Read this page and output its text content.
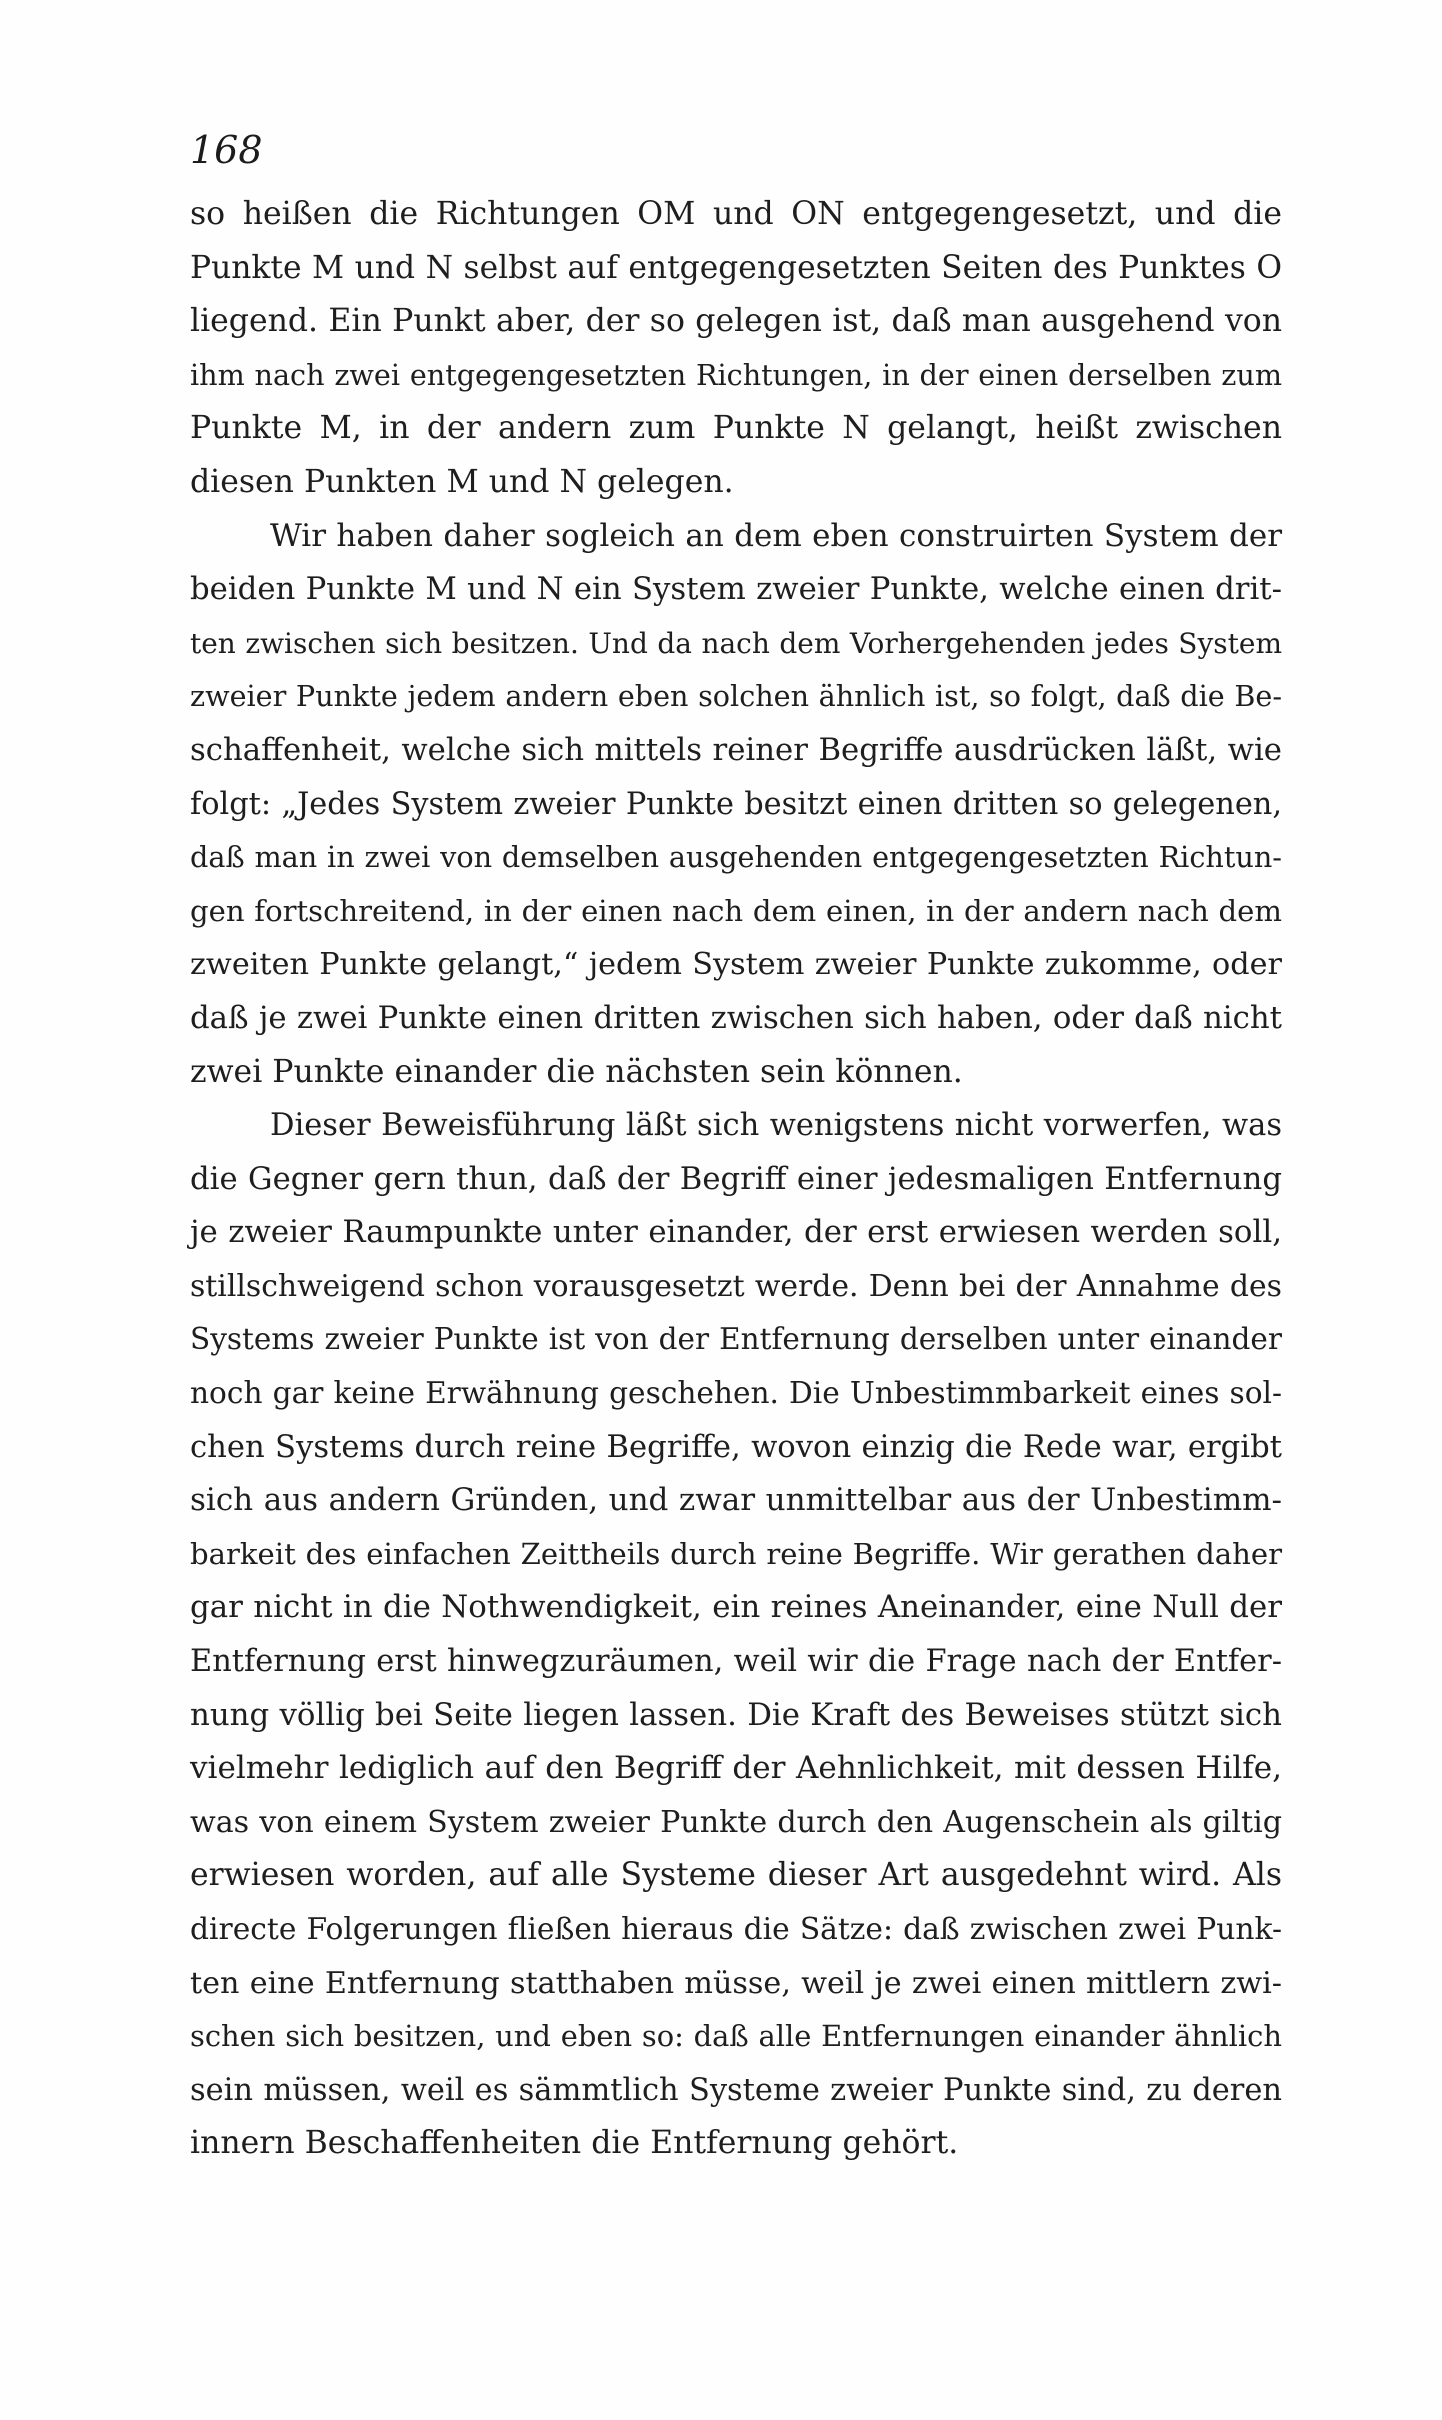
168
so heißen die Richtungen OM und ON entgegengesetzt, und die
Punkte M und N selbst auf entgegengesetzten Seiten des Punktes O
liegend. Ein Punkt aber, der so gelegen ist, daß man ausgehend von
ihm nach zwei entgegengesetzten Richtungen, in der einen derselben zum
Punkte M, in der andern zum Punkte N gelangt, heißt zwischen
diesen Punkten M und N gelegen.
Wir haben daher sogleich an dem eben construirten System der
beiden Punkte M und N ein System zweier Punkte, welche einen drit-
ten zwischen sich besitzen. Und da nach dem Vorhergehenden jedes System
zweier Punkte jedem andern eben solchen ähnlich ist, so folgt, daß die Be-
schaffenheit, welche sich mittels reiner Begriffe ausdrücken läßt, wie
folgt: „Jedes System zweier Punkte besitzt einen dritten so gelegenen,
daß man in zwei von demselben ausgehenden entgegengesetzten Richtun-
gen fortschreitend, in der einen nach dem einen, in der andern nach dem
zweiten Punkte gelangt,“ jedem System zweier Punkte zukomme, oder
daß je zwei Punkte einen dritten zwischen sich haben, oder daß nicht
zwei Punkte einander die nächsten sein können.
Dieser Beweisführung läßt sich wenigstens nicht vorwerfen, was
die Gegner gern thun, daß der Begriff einer jedesmaligen Entfernung
je zweier Raumpunkte unter einander, der erst erwiesen werden soll,
stillschweigend schon vorausgesetzt werde. Denn bei der Annahme des
Systems zweier Punkte ist von der Entfernung derselben unter einander
noch gar keine Erwähnung geschehen. Die Unbestimmbarkeit eines sol-
chen Systems durch reine Begriffe, wovon einzig die Rede war, ergibt
sich aus andern Gründen, und zwar unmittelbar aus der Unbestimm-
barkeit des einfachen Zeittheils durch reine Begriffe. Wir gerathen daher
gar nicht in die Nothwendigkeit, ein reines Aneinander, eine Null der
Entfernung erst hinwegzuräumen, weil wir die Frage nach der Entfer-
nung völlig bei Seite liegen lassen. Die Kraft des Beweises stützt sich
vielmehr lediglich auf den Begriff der Aehnlichkeit, mit dessen Hilfe,
was von einem System zweier Punkte durch den Augenschein als giltig
erwiesen worden, auf alle Systeme dieser Art ausgedehnt wird. Als
directe Folgerungen fließen hieraus die Sätze: daß zwischen zwei Punk-
ten eine Entfernung statthaben müsse, weil je zwei einen mittlern zwi-
schen sich besitzen, und eben so: daß alle Entfernungen einander ähnlich
sein müssen, weil es sämmtlich Systeme zweier Punkte sind, zu deren
innern Beschaffenheiten die Entfernung gehört.
